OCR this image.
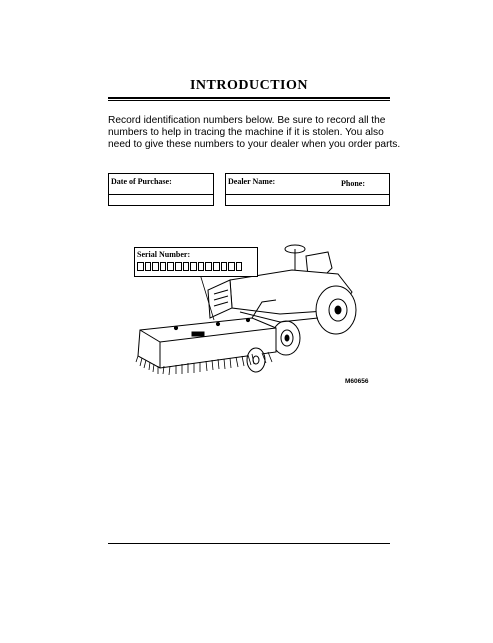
INTRODUCTION
Record identification numbers below. Be sure to record all the
numbers to help in tracing the machine if it is stolen. You also
need to give these numbers to your dealer when you order parts.
Date of Purchase:	Dealer Name:	Phone:
Serial Number:
M60656
